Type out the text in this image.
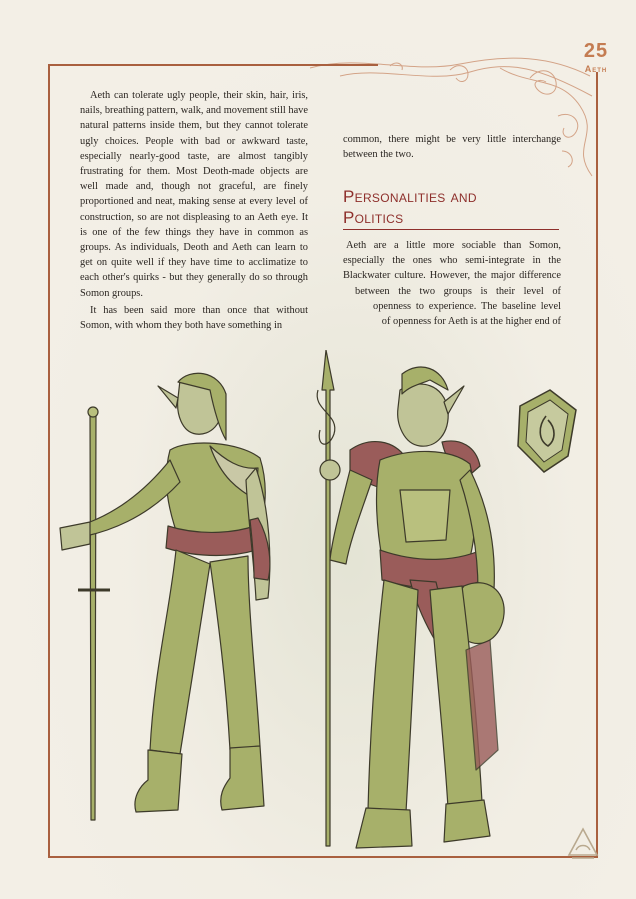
25
Aeth

Aeth can tolerate ugly people, their skin, hair, iris, nails, breathing pattern, walk, and movement still have natural patterns inside them, but they cannot tolerate ugly choices. People with bad or awkward taste, especially nearly-good taste, are almost tangibly frustrating for them. Most Deoth-made objects are well made and, though not graceful, are finely proportioned and neat, making sense at every level of construction, so are not displeasing to an Aeth eye. It is one of the few things they have in common as groups. As individuals, Deoth and Aeth can learn to get on quite well if they have time to acclimatize to each other's quirks - but they generally do so through Somon groups.

It has been said more than once that without Somon, with whom they both have something in

common, there might be very little interchange between the two.

Personalities and
Politics
Aeth are a little more sociable than Somon,
especially the ones who semi-integrate in the
Blackwater culture. However, the major difference
between the two groups is their level of
openness to experience. The baseline level
of openness for Aeth is at the higher end of
